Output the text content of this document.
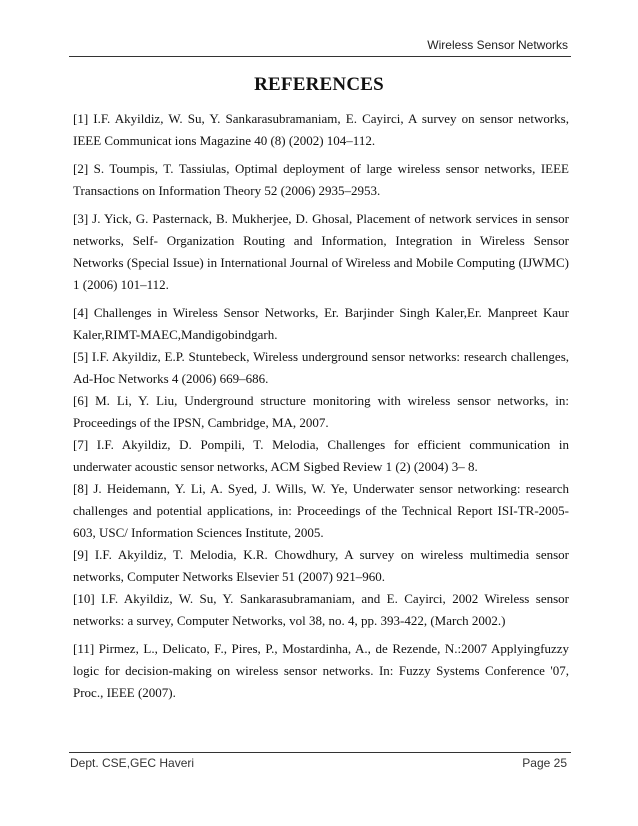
Wireless Sensor Networks
REFERENCES

[1] I.F. Akyildiz, W. Su, Y. Sankarasubramaniam, E. Cayirci, A survey on sensor networks, IEEE Communicat ions Magazine 40 (8) (2002) 104–112.

[2] S. Toumpis, T. Tassiulas, Optimal deployment of large wireless sensor networks, IEEE Transactions on Information Theory 52 (2006) 2935–2953.

[3] J. Yick, G. Pasternack, B. Mukherjee, D. Ghosal, Placement of network services in sensor networks, Self- Organization Routing and Information, Integration in Wireless Sensor Networks (Special Issue) in International Journal of Wireless and Mobile Computing (IJWMC) 1 (2006) 101–112.

[4] Challenges in Wireless Sensor Networks, Er. Barjinder Singh Kaler,Er. Manpreet Kaur Kaler,RIMT-MAEC,Mandigobindgarh.

[5] I.F. Akyildiz, E.P. Stuntebeck, Wireless underground sensor networks: research challenges, Ad-Hoc Networks 4 (2006) 669–686.

[6] M. Li, Y. Liu, Underground structure monitoring with wireless sensor networks, in: Proceedings of the IPSN, Cambridge, MA, 2007.

[7] I.F. Akyildiz, D. Pompili, T. Melodia, Challenges for efficient communication in underwater acoustic sensor networks, ACM Sigbed Review 1 (2) (2004) 3– 8.

[8] J. Heidemann, Y. Li, A. Syed, J. Wills, W. Ye, Underwater sensor networking: research challenges and potential applications, in: Proceedings of the Technical Report ISI-TR-2005-603, USC/ Information Sciences Institute, 2005.

[9] I.F. Akyildiz, T. Melodia, K.R. Chowdhury, A survey on wireless multimedia sensor networks, Computer Networks Elsevier 51 (2007) 921–960.

[10] I.F. Akyildiz, W. Su, Y. Sankarasubramaniam, and E. Cayirci, 2002 Wireless sensor networks: a survey, Computer Networks, vol 38, no. 4, pp. 393-422, (March 2002.)

[11] Pirmez, L., Delicato, F., Pires, P., Mostardinha, A., de Rezende, N.:2007 Applyingfuzzy logic for decision-making on wireless sensor networks. In: Fuzzy Systems Conference '07, Proc., IEEE (2007).

Dept. CSE,GEC Haveri	Page 25
